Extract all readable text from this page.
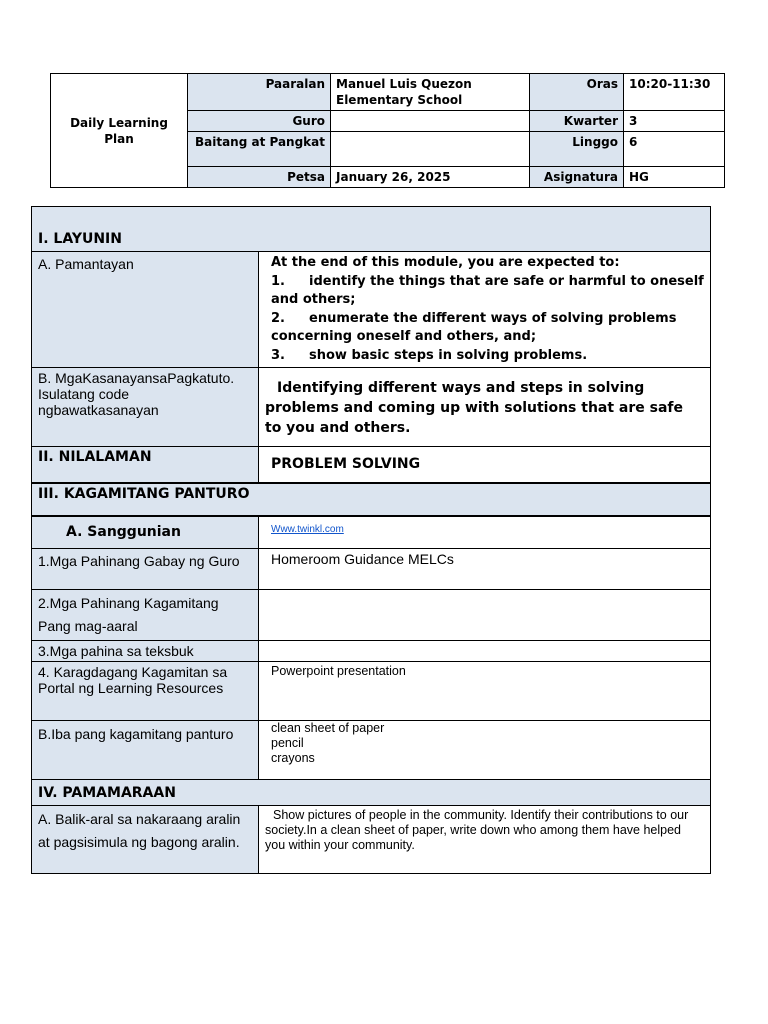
Daily Learning Plan	Paaralan	Manuel Luis Quezon Elementary School	Oras	10:20-11:30
	Guro		Kwarter	3
	Baitang at Pangkat		Linggo	6
	Petsa	January 26, 2025	Asignatura	HG
I. LAYUNIN	
A. Pamantayan	At the end of this module, you are expected to:
1. identify the things that are safe or harmful to oneself and others;
2. enumerate the different ways of solving problems concerning oneself and others, and;
3. show basic steps in solving problems.

B. MgaKasanayansaPagkatuto. Isulatang code ngbawatkasanayan	Identifying different ways and steps in solving problems and coming up with solutions that are safe to you and others.
II. NILALAMAN	PROBLEM SOLVING
III. KAGAMITANG PANTURO	
A. Sanggunian	Www.twinkl.com
1.Mga Pahinang Gabay ng Guro	Homeroom Guidance MELCs
2.Mga Pahinang Kagamitang Pang mag-aaral	
3.Mga pahina sa teksbuk	
4. Karagdagang Kagamitan sa Portal ng Learning Resources	Powerpoint presentation
B.Iba pang kagamitang panturo	clean sheet of paper
pencil
crayons

IV. PAMAMARAAN	
A. Balik-aral sa nakaraang aralin at pagsisimula ng bagong aralin.	Show pictures of people in the community. Identify their contributions to our society.In a clean sheet of paper, write down who among them have helped you within your community.
